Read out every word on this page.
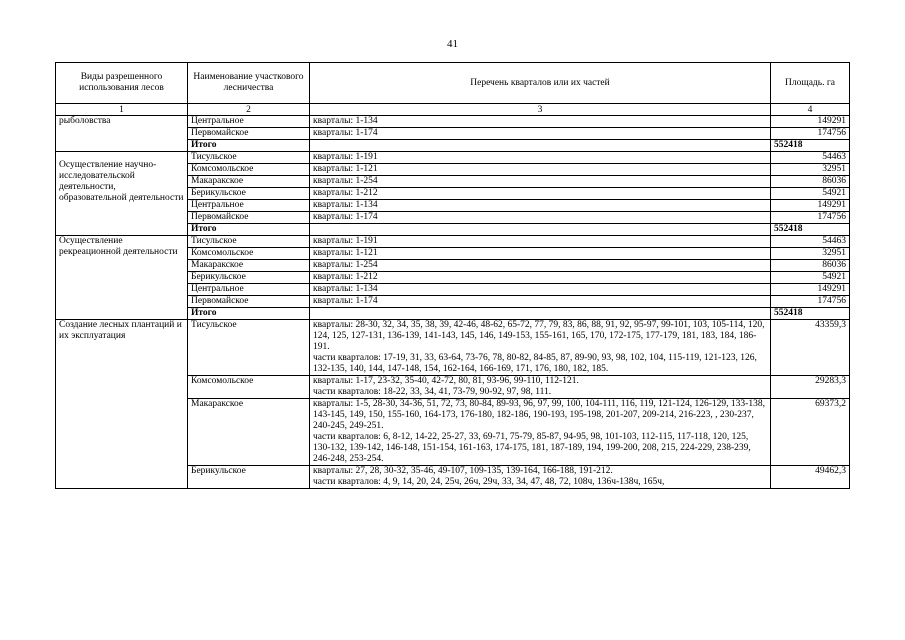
41
Виды разрешенного использования лесов	Наименование участкового лесничества	Перечень кварталов или их частей	Площадь. га
1	2	3	4
рыболовства	Центральное	кварталы: 1-134	149291
	Первомайское	кварталы: 1-174	174756
	Итого		552418
Осуществление научно-исследовательской деятельности, образовательной деятельности	Тисульское	кварталы: 1-191	54463
	Комсомольское	кварталы: 1-121	32951
	Макаракское	кварталы: 1-254	86036
	Берикульское	кварталы: 1-212	54921
	Центральное	кварталы: 1-134	149291
	Первомайское	кварталы: 1-174	174756
	Итого		552418
Осуществление рекреационной деятельности	Тисульское	кварталы: 1-191	54463
	Комсомольское	кварталы: 1-121	32951
	Макаракское	кварталы: 1-254	86036
	Берикульское	кварталы: 1-212	54921
	Центральное	кварталы: 1-134	149291
	Первомайское	кварталы: 1-174	174756
	Итого		552418
Создание лесных плантаций и их эксплуатация	Тисульское	кварталы: 28-30, 32, 34, 35, 38, 39, 42-46, 48-62, 65-72, 77, 79, 83, 86, 88, 91, 92, 95-97, 99-101, 103, 105-114, 120, 124, 125, 127-131, 136-139, 141-143, 145, 146, 149-153, 155-161, 165, 170, 172-175, 177-179, 181, 183, 184, 186-191.
части кварталов: 17-19, 31, 33, 63-64, 73-76, 78, 80-82, 84-85, 87, 89-90, 93, 98, 102, 104, 115-119, 121-123, 126, 132-135, 140, 144, 147-148, 154, 162-164, 166-169, 171, 176, 180, 182, 185.	43359,3
	Комсомольское	кварталы: 1-17, 23-32, 35-40, 42-72, 80, 81, 93-96, 99-110, 112-121.
части кварталов: 18-22, 33, 34, 41, 73-79, 90-92, 97, 98, 111.	29283,3
	Макаракское	кварталы: 1-5, 28-30, 34-36, 51, 72, 73, 80-84, 89-93, 96, 97, 99, 100, 104-111, 116, 119, 121-124, 126-129, 133-138, 143-145, 149, 150, 155-160, 164-173, 176-180, 182-186, 190-193, 195-198, 201-207, 209-214, 216-223, , 230-237, 240-245, 249-251.
части кварталов: 6, 8-12, 14-22, 25-27, 33, 69-71, 75-79, 85-87, 94-95, 98, 101-103, 112-115, 117-118, 120, 125, 130-132, 139-142, 146-148, 151-154, 161-163, 174-175, 181, 187-189, 194, 199-200, 208, 215, 224-229, 238-239, 246-248, 253-254.	69373,2
	Берикульское	кварталы: 27, 28, 30-32, 35-46, 49-107, 109-135, 139-164, 166-188, 191-212.
части кварталов: 4, 9, 14, 20, 24, 25ч, 26ч, 29ч, 33, 34, 47, 48, 72, 108ч, 136ч-138ч, 165ч,	49462,3
